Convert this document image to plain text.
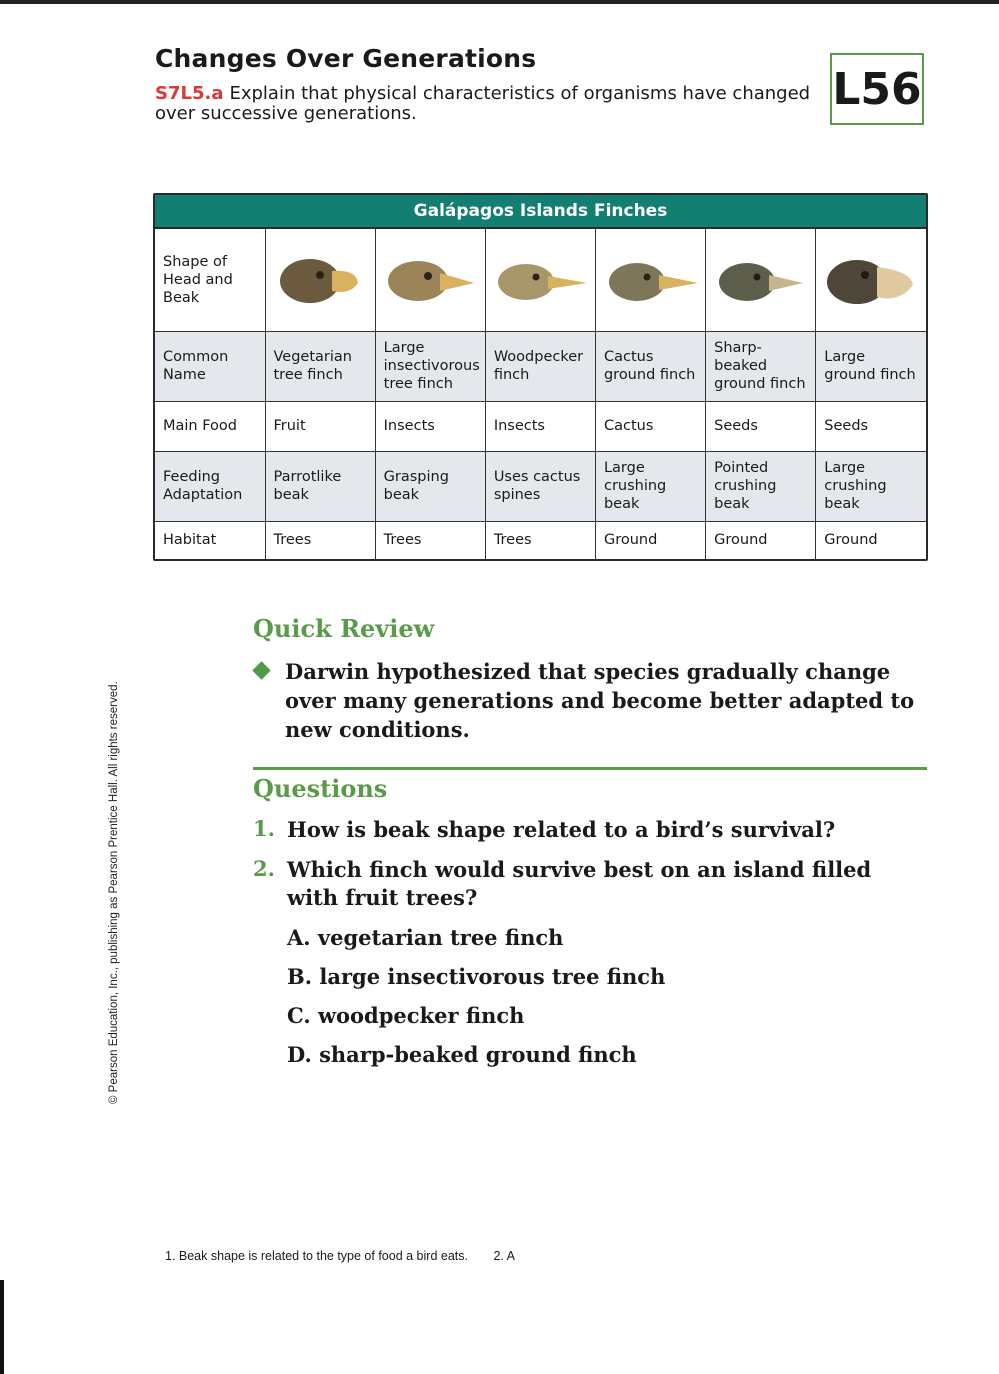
Changes Over Generations
S7L5.a Explain that physical characteristics of organisms have changed over successive generations.	L56
Galápagos Islands Finches
Shape of Head and Beak	

Common Name	Vegetarian tree finch	Large insectivorous tree finch	Woodpecker finch	Cactus ground finch	Sharp-beaked ground finch	Large ground finch
Main Food	Fruit	Insects	Insects	Cactus	Seeds	Seeds
Feeding Adaptation	Parrotlike beak	Grasping beak	Uses cactus spines	Large crushing beak	Pointed crushing beak	Large crushing beak
Habitat	Trees	Trees	Trees	Ground	Ground	Ground
Quick Review
Darwin hypothesized that species gradually change over many generations and become better adapted to new conditions.
Questions
1. How is beak shape related to a bird’s survival?
2. Which finch would survive best on an island filled with fruit trees?
A. vegetarian tree finch
B. large insectivorous tree finch
C. woodpecker finch
D. sharp-beaked ground finch
© Pearson Education, Inc., publishing as Pearson Prentice Hall. All rights reserved.
1. Beak shape is related to the type of food a bird eats. 2. A
